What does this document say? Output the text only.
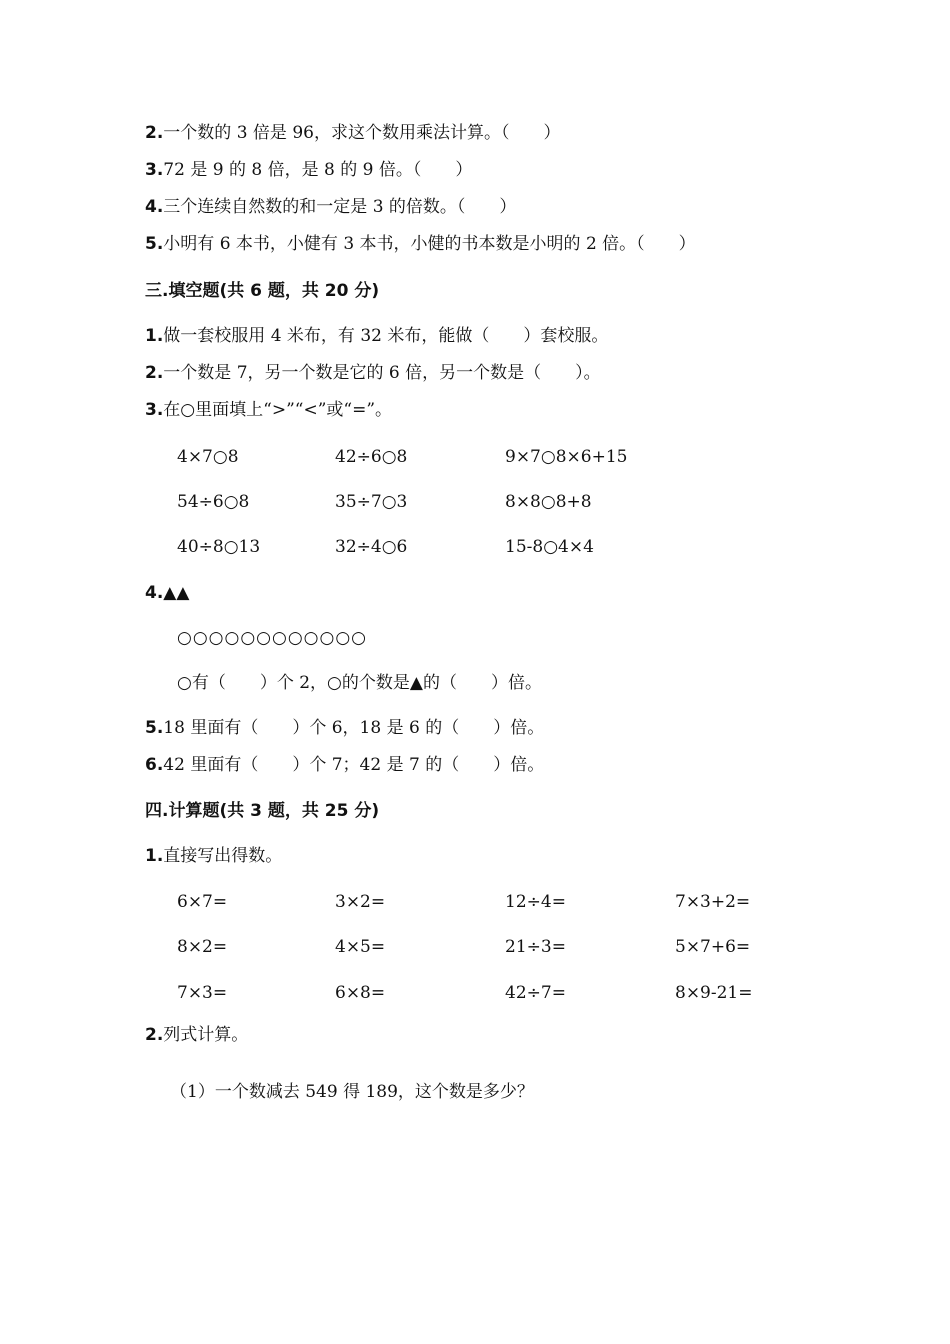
2.一个数的 3 倍是 96，求这个数用乘法计算。（　　）
3.72 是 9 的 8 倍，是 8 的 9 倍。（　　）
4.三个连续自然数的和一定是 3 的倍数。（　　）
5.小明有 6 本书，小健有 3 本书，小健的书本数是小明的 2 倍。（　　）
三.填空题(共 6 题，共 20 分)
1.做一套校服用 4 米布，有 32 米布，能做（　　）套校服。
2.一个数是 7，另一个数是它的 6 倍，另一个数是（　　）。
3.在○里面填上“>”“<”或“=”。
4×7○8	42÷6○8	9×7○8×6+15
54÷6○8	35÷7○3	8×8○8+8
40÷8○13	32÷4○6	15-8○4×4
4.▲▲
○○○○○○○○○○○○
○有（　　）个 2，○的个数是▲的（　　）倍。
5.18 里面有（　　）个 6，18 是 6 的（　　）倍。
6.42 里面有（　　）个 7；42 是 7 的（　　）倍。
四.计算题(共 3 题，共 25 分)
1.直接写出得数。
6×7=	3×2=	12÷4=	7×3+2=
8×2=	4×5=	21÷3=	5×7+6=
7×3=	6×8=	42÷7=	8×9-21=
2.列式计算。
（1）一个数减去 549 得 189，这个数是多少？
